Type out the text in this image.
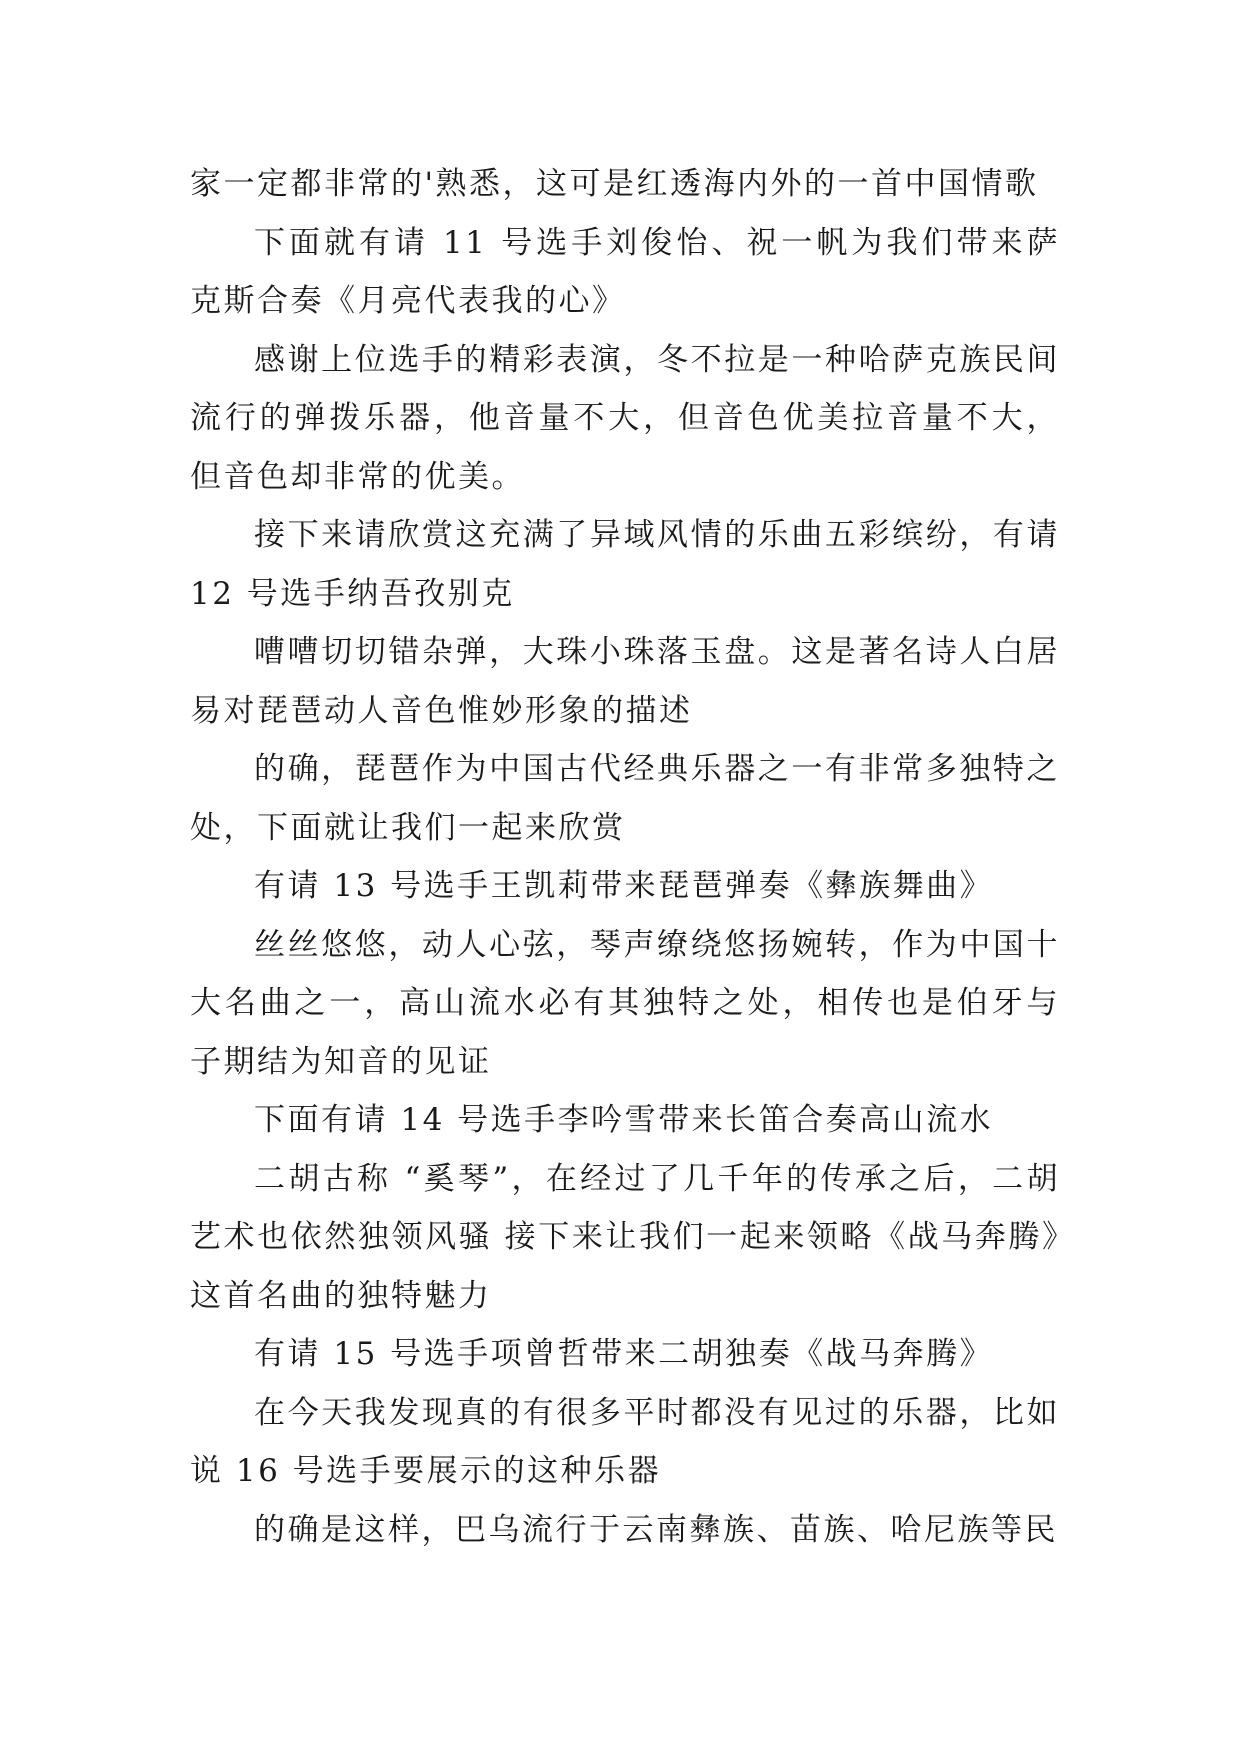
家一定都非常的'熟悉，这可是红透海内外的一首中国情歌

下面就有请 11 号选手刘俊怡、祝一帆为我们带来萨克斯合奏《月亮代表我的心》

感谢上位选手的精彩表演，冬不拉是一种哈萨克族民间流行的弹拨乐器，他音量不大，但音色优美拉音量不大，但音色却非常的优美。

接下来请欣赏这充满了异域风情的乐曲五彩缤纷，有请 12 号选手纳吾孜别克

嘈嘈切切错杂弹，大珠小珠落玉盘。这是著名诗人白居易对琵琶动人音色惟妙形象的描述

的确，琵琶作为中国古代经典乐器之一有非常多独特之处，下面就让我们一起来欣赏

有请 13 号选手王凯莉带来琵琶弹奏《彝族舞曲》

丝丝悠悠，动人心弦，琴声缭绕悠扬婉转，作为中国十大名曲之一，高山流水必有其独特之处，相传也是伯牙与子期结为知音的见证

下面有请 14 号选手李吟雪带来长笛合奏高山流水

二胡古称 “奚琴”，在经过了几千年的传承之后，二胡艺术也依然独领风骚 接下来让我们一起来领略《战马奔腾》这首名曲的独特魅力

有请 15 号选手项曾哲带来二胡独奏《战马奔腾》

在今天我发现真的有很多平时都没有见过的乐器，比如说 16 号选手要展示的这种乐器

的确是这样，巴乌流行于云南彝族、苗族、哈尼族等民
